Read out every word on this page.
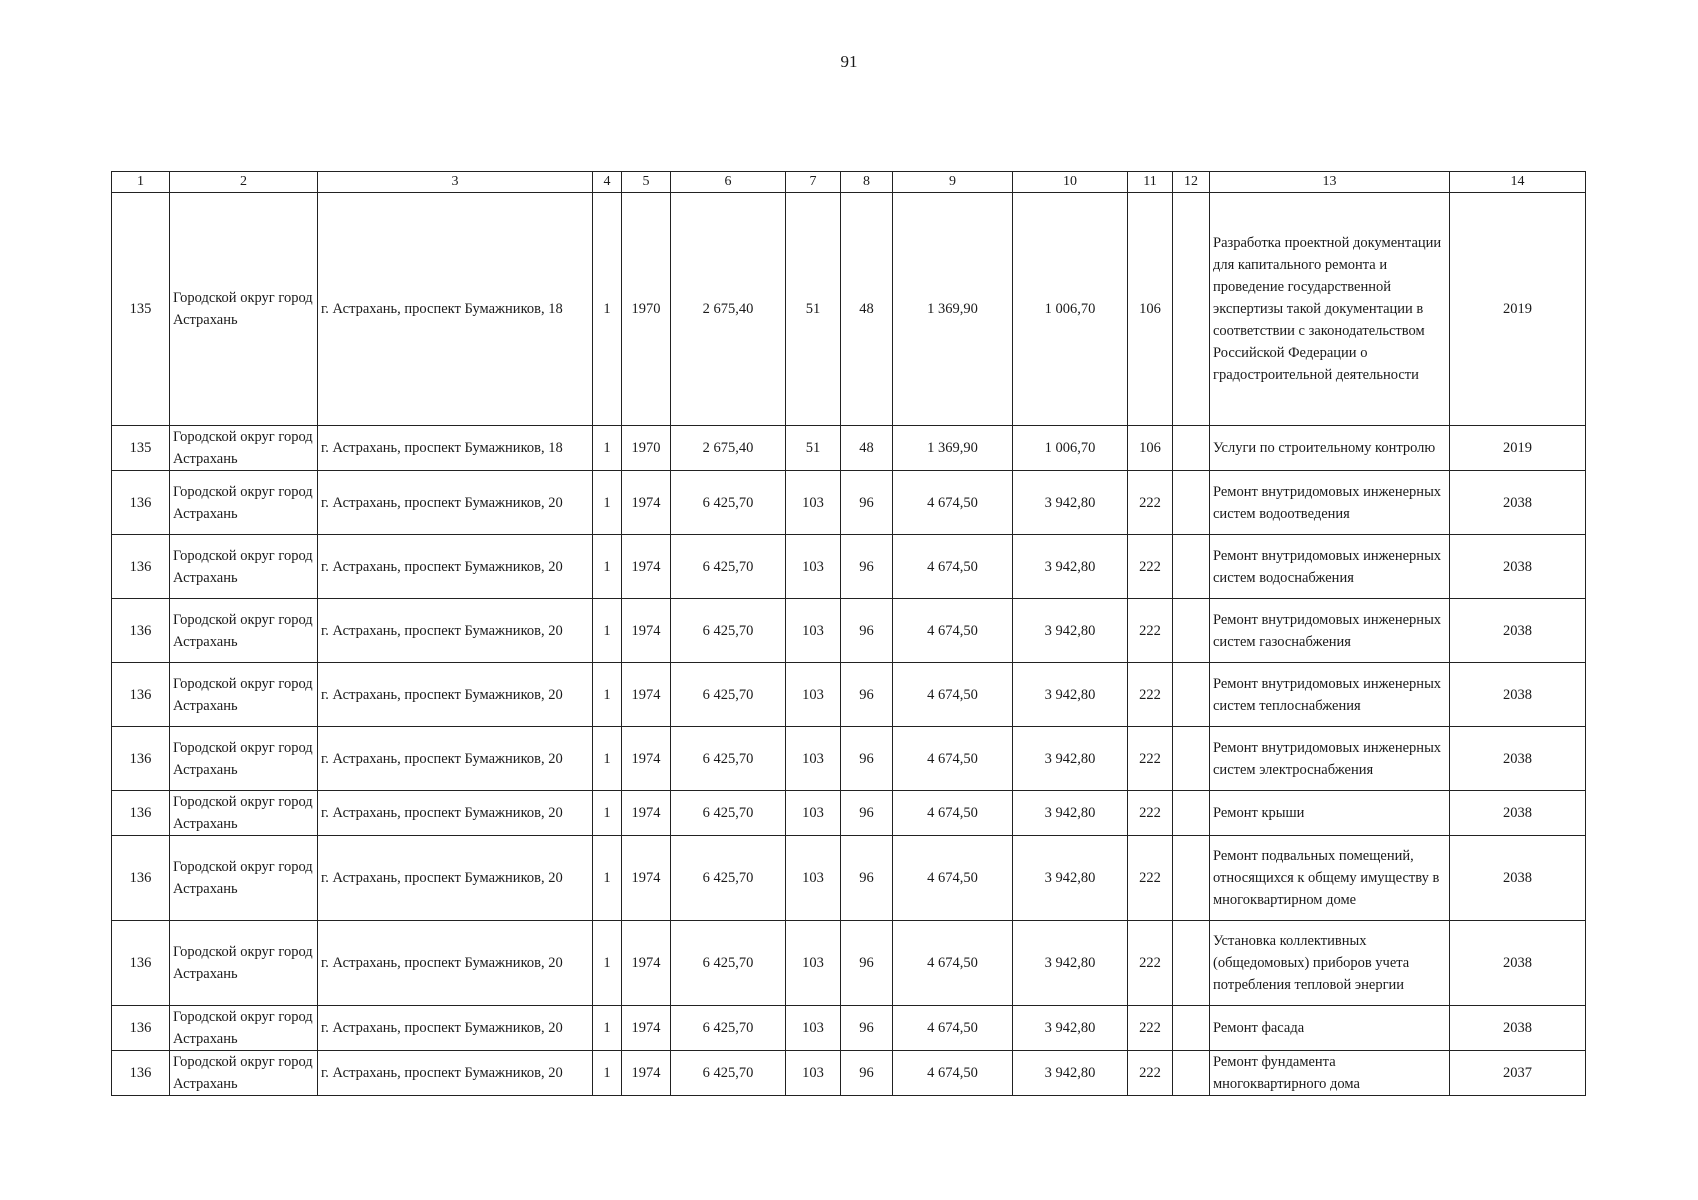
91
1	2	3	4	5	6	7	8	9	10	11	12	13	14
135	Городской округ город Астрахань	г. Астрахань, проспект Бумажников, 18	1	1970	2 675,40	51	48	1 369,90	1 006,70	106		Разработка проектной документации для капитального ремонта и проведение государственной экспертизы такой документации в соответствии с законодательством Российской Федерации о градостроительной деятельности	2019
135	Городской округ город Астрахань	г. Астрахань, проспект Бумажников, 18	1	1970	2 675,40	51	48	1 369,90	1 006,70	106		Услуги по строительному контролю	2019
136	Городской округ город Астрахань	г. Астрахань, проспект Бумажников, 20	1	1974	6 425,70	103	96	4 674,50	3 942,80	222		Ремонт внутридомовых инженерных систем водоотведения	2038
136	Городской округ город Астрахань	г. Астрахань, проспект Бумажников, 20	1	1974	6 425,70	103	96	4 674,50	3 942,80	222		Ремонт внутридомовых инженерных систем водоснабжения	2038
136	Городской округ город Астрахань	г. Астрахань, проспект Бумажников, 20	1	1974	6 425,70	103	96	4 674,50	3 942,80	222		Ремонт внутридомовых инженерных систем газоснабжения	2038
136	Городской округ город Астрахань	г. Астрахань, проспект Бумажников, 20	1	1974	6 425,70	103	96	4 674,50	3 942,80	222		Ремонт внутридомовых инженерных систем теплоснабжения	2038
136	Городской округ город Астрахань	г. Астрахань, проспект Бумажников, 20	1	1974	6 425,70	103	96	4 674,50	3 942,80	222		Ремонт внутридомовых инженерных систем электроснабжения	2038
136	Городской округ город Астрахань	г. Астрахань, проспект Бумажников, 20	1	1974	6 425,70	103	96	4 674,50	3 942,80	222		Ремонт крыши	2038
136	Городской округ город Астрахань	г. Астрахань, проспект Бумажников, 20	1	1974	6 425,70	103	96	4 674,50	3 942,80	222		Ремонт подвальных помещений, относящихся к общему имуществу в многоквартирном доме	2038
136	Городской округ город Астрахань	г. Астрахань, проспект Бумажников, 20	1	1974	6 425,70	103	96	4 674,50	3 942,80	222		Установка коллективных (общедомовых) приборов учета потребления тепловой энергии	2038
136	Городской округ город Астрахань	г. Астрахань, проспект Бумажников, 20	1	1974	6 425,70	103	96	4 674,50	3 942,80	222		Ремонт фасада	2038
136	Городской округ город Астрахань	г. Астрахань, проспект Бумажников, 20	1	1974	6 425,70	103	96	4 674,50	3 942,80	222		Ремонт фундамента многоквартирного дома	2037
